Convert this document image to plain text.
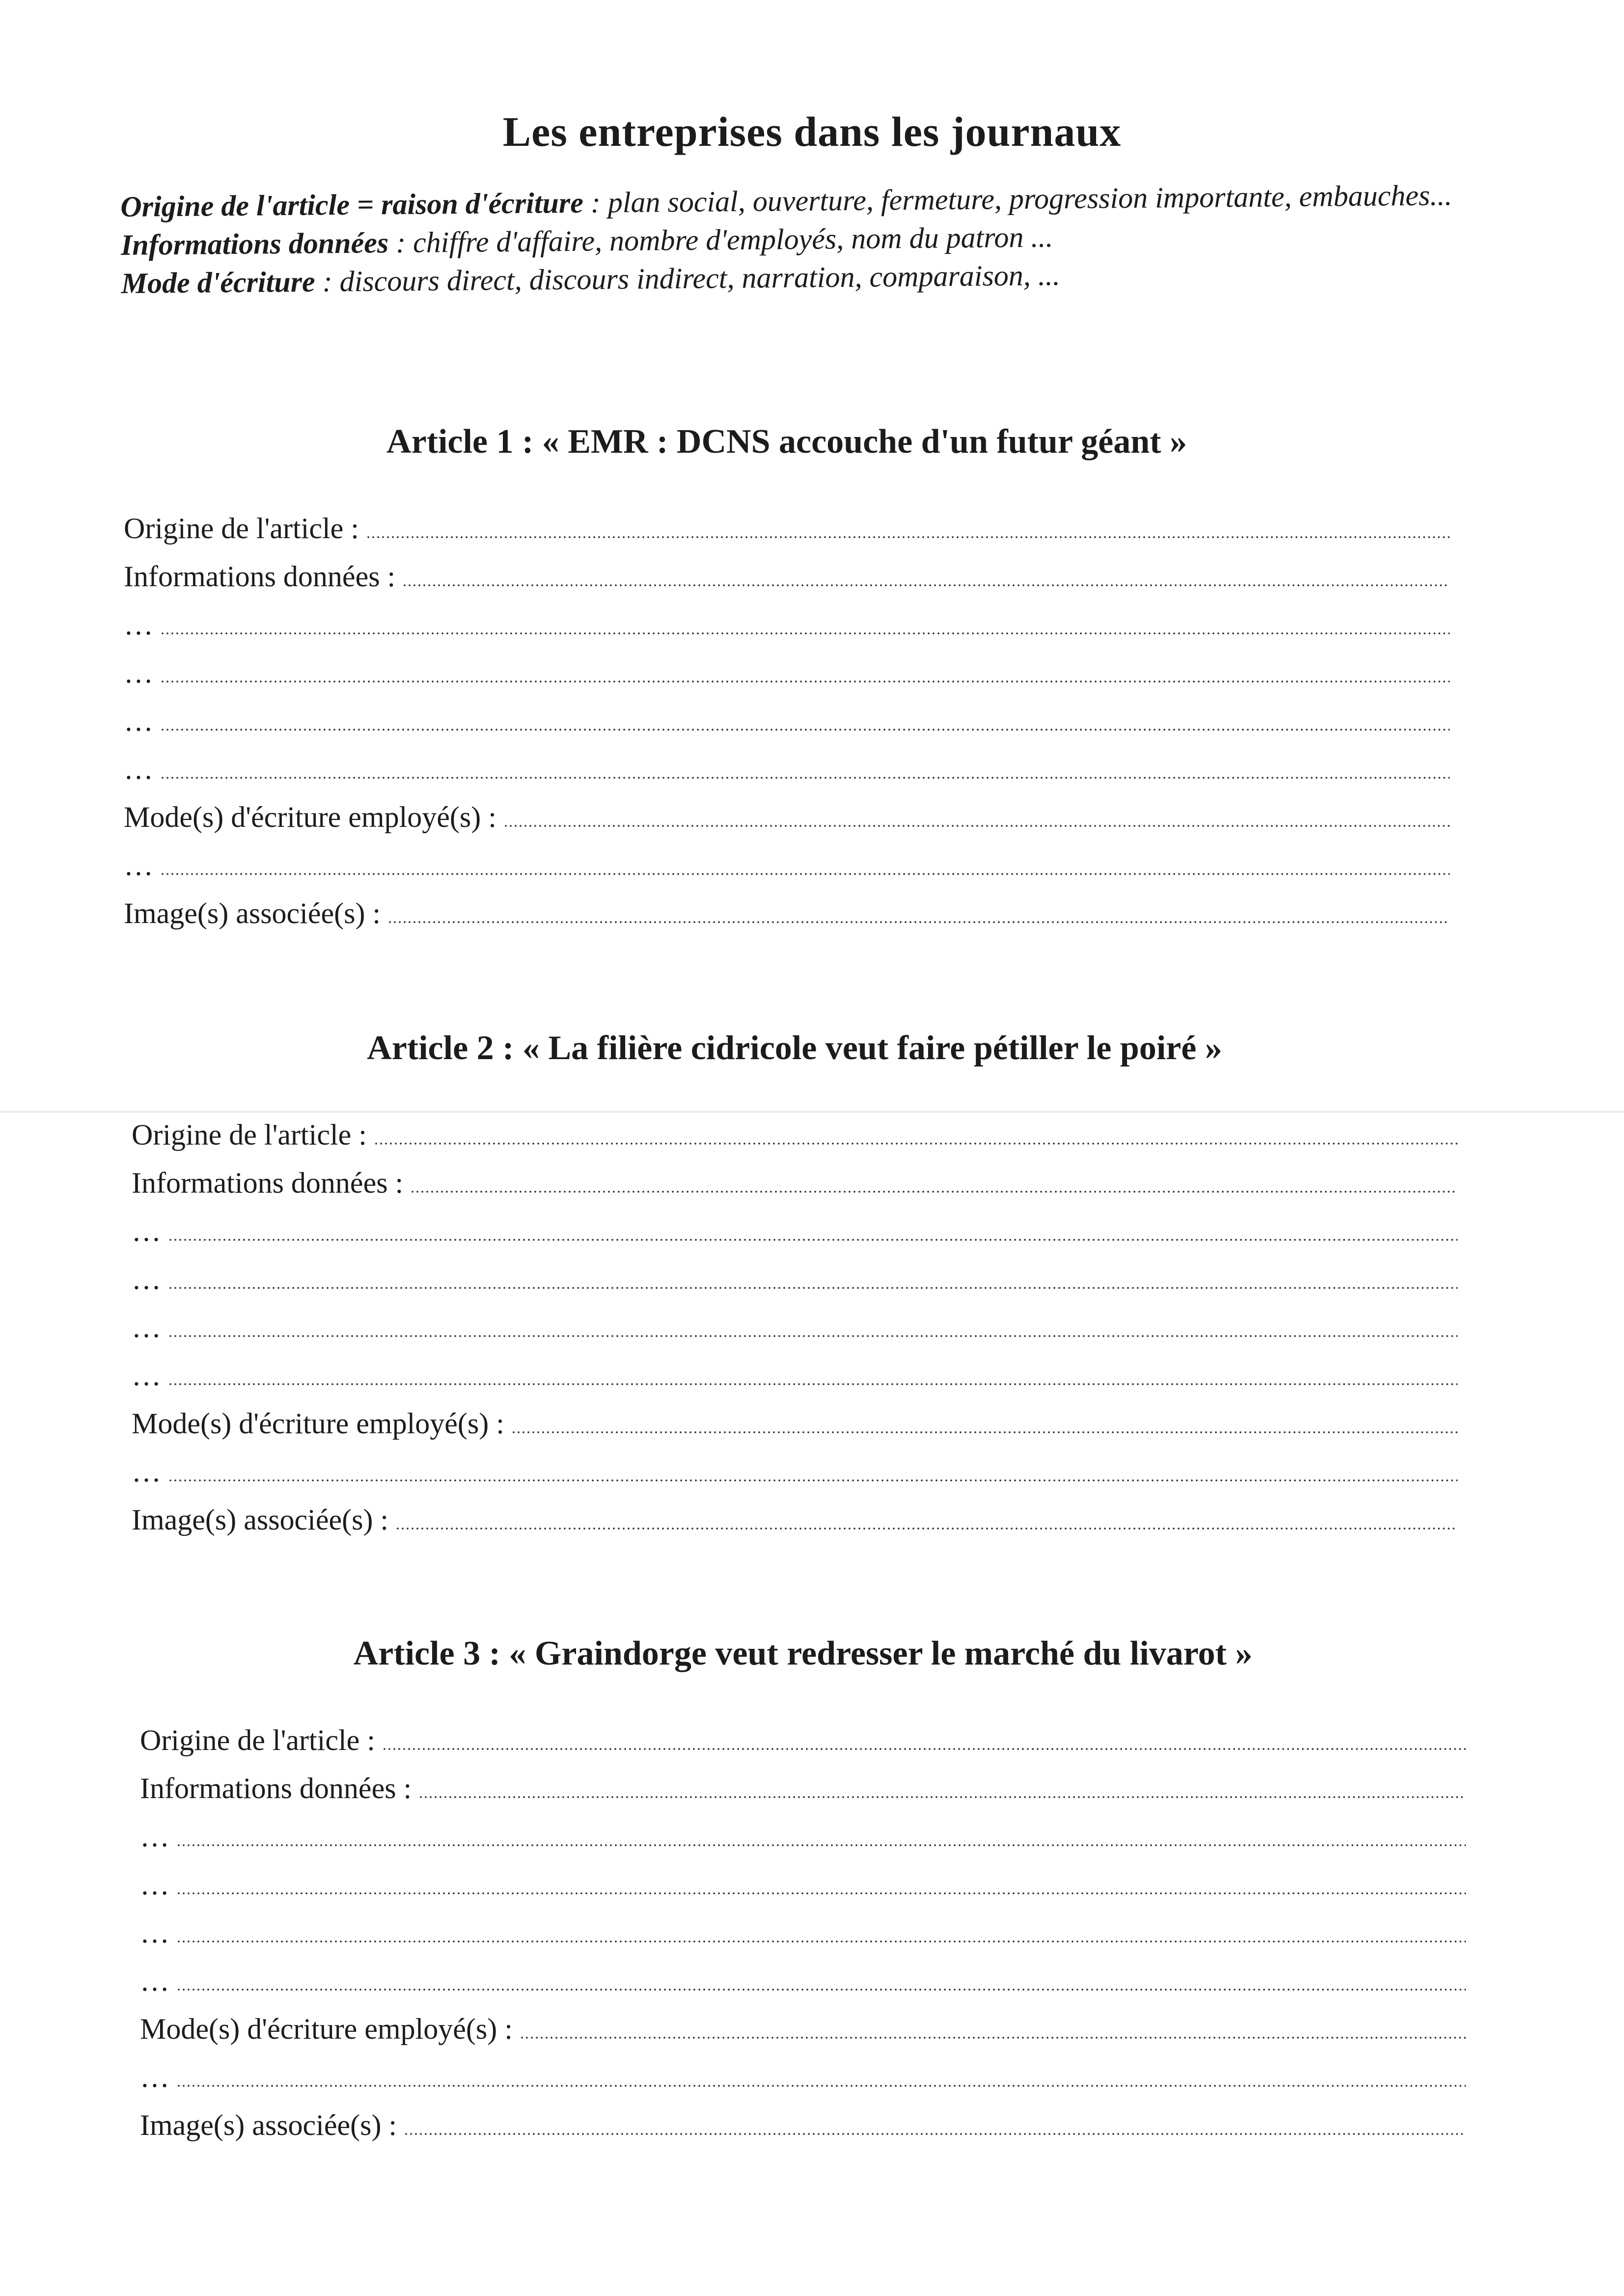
Les entreprises dans les journaux

Origine de l'article = raison d'écriture : plan social, ouverture, fermeture, progression importante, embauches...

Informations données : chiffre d'affaire, nombre d'employés, nom du patron ...

Mode d'écriture : discours direct, discours indirect, narration, comparaison, ...

Article 1 : « EMR : DCNS accouche d'un futur géant »
Origine de l'article :
Informations données :
…
…
…
…
Mode(s) d'écriture employé(s) :
…
Image(s) associée(s) :
Article 2 : « La filière cidricole veut faire pétiller le poiré »
Origine de l'article :
Informations données :
…
…
…
…
Mode(s) d'écriture employé(s) :
…
Image(s) associée(s) :
Article 3 : « Graindorge veut redresser le marché du livarot »
Origine de l'article :
Informations données :
…
…
…
…
Mode(s) d'écriture employé(s) :
…
Image(s) associée(s) :
